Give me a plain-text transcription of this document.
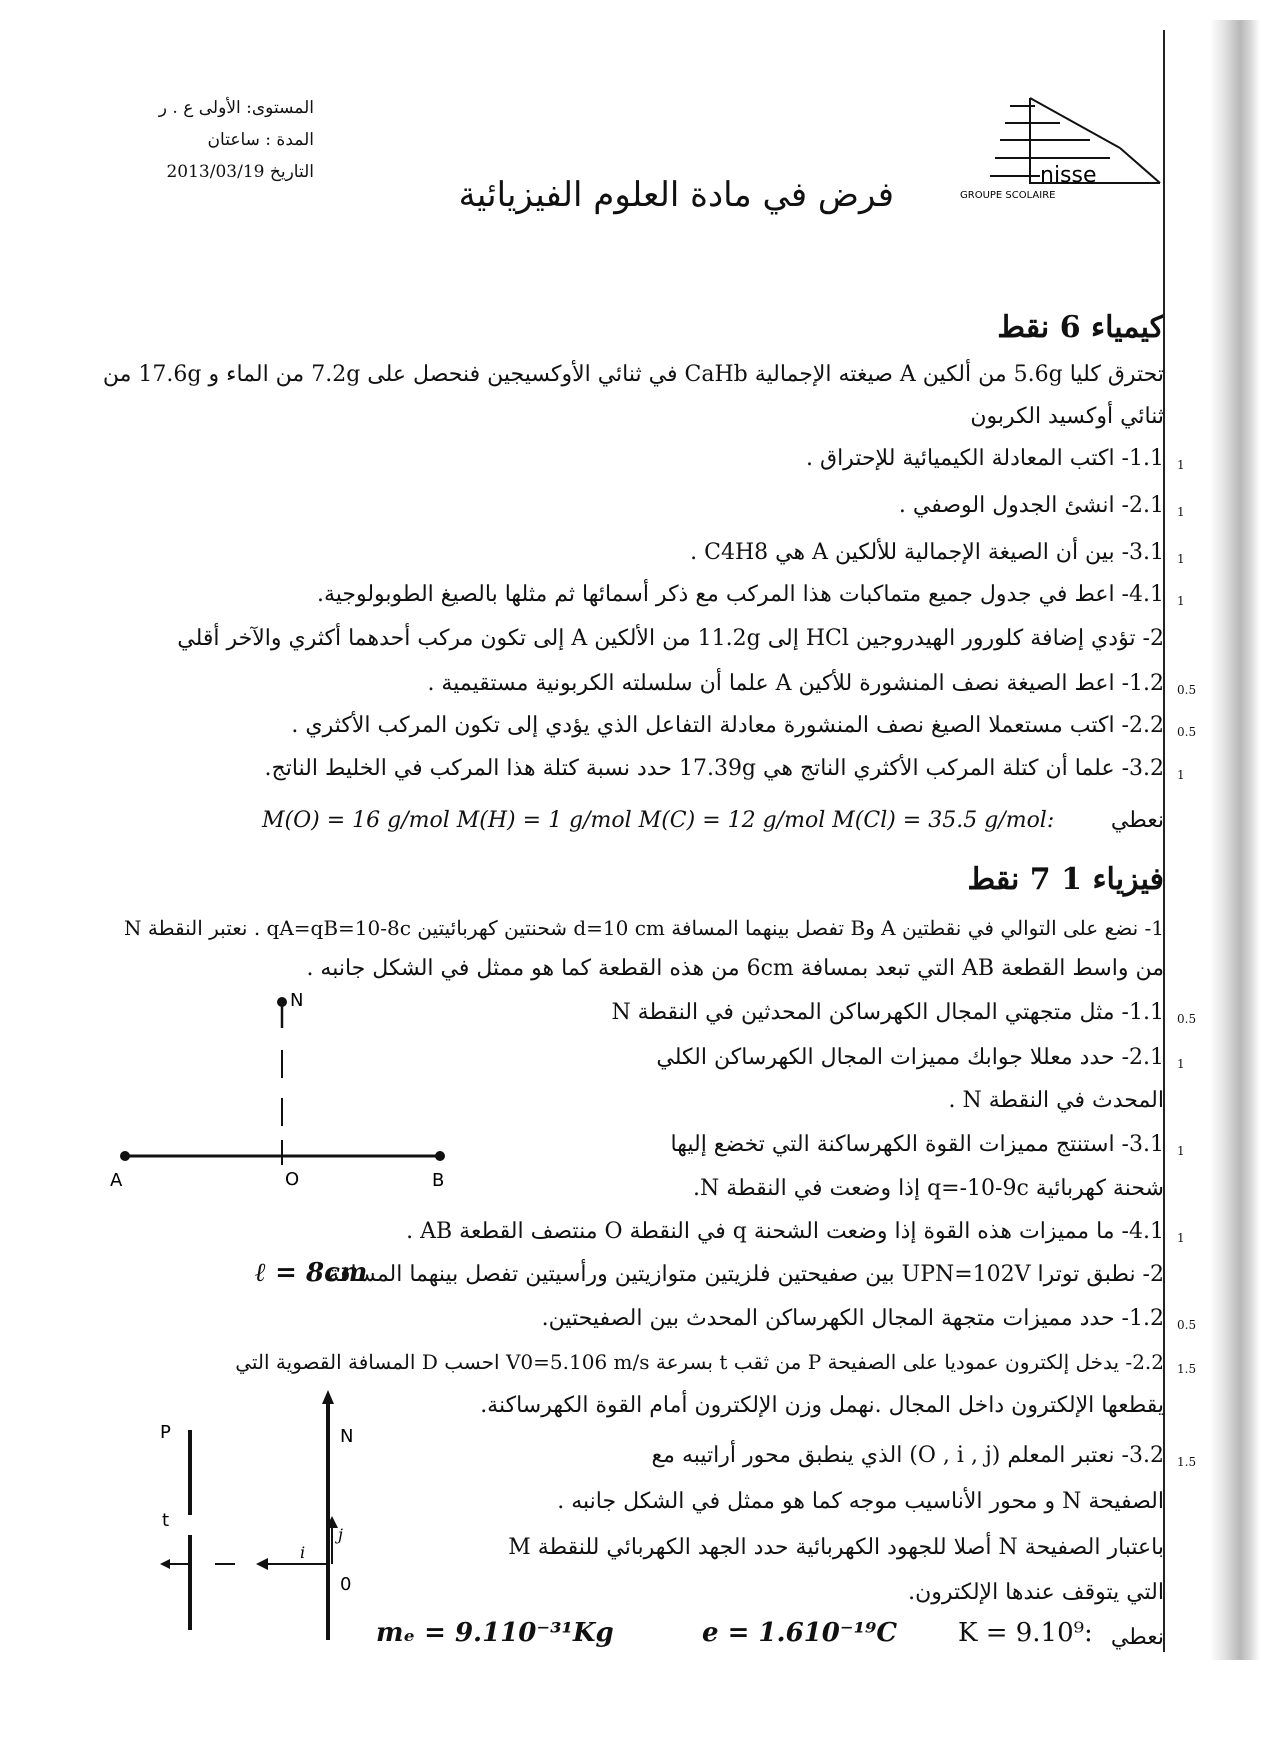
المستوى: الأولى ع . ر
المدة : ساعتان
التاريخ 2013/03/19
فرض في مادة العلوم الفيزيائية	nisse
GROUPE SCOLAIRE
كيمياء 6 نقط
تحترق كليا 5.6g من ألكين A صيغته الإجمالية CaHb في ثنائي الأوكسيجين فنحصل على 7.2g من الماء و 17.6g من
ثنائي أوكسيد الكربون
1.1- اكتب المعادلة الكيميائية للإحتراق . 1
2.1- انشئ الجدول الوصفي . 1
3.1- بين أن الصيغة الإجمالية للألكين A هي C4H8 . 1
4.1- اعط في جدول جميع متماكبات هذا المركب مع ذكر أسمائها ثم مثلها بالصيغ الطوبولوجية. 1
2- تؤدي إضافة كلورور الهيدروجين HCl إلى 11.2g من الألكين A إلى تكون مركب أحدهما أكثري والآخر أقلي
1.2- اعط الصيغة نصف المنشورة للأكين A علما أن سلسلته الكربونية مستقيمية . 0.5
2.2- اكتب مستعملا الصيغ نصف المنشورة معادلة التفاعل الذي يؤدي إلى تكون المركب الأكثري . 0.5
3.2- علما أن كتلة المركب الأكثري الناتج هي 17.39g حدد نسبة كتلة هذا المركب في الخليط الناتج. 1
نعطي
M(O) = 16 g/mol M(H) = 1 g/mol M(C) = 12 g/mol M(Cl) = 35.5 g/mol:
فيزياء 1 7 نقط
1- نضع على التوالي في نقطتين A وB تفصل بينهما المسافة d=10 cm شحنتين كهربائيتين qA=qB=10-8c . نعتبر النقطة N
من واسط القطعة AB التي تبعد بمسافة 6cm من هذه القطعة كما هو ممثل في الشكل جانبه .
1.1- مثل متجهتي المجال الكهرساكن المحدثين في النقطة N 0.5
2.1- حدد معللا جوابك مميزات المجال الكهرساكن الكلي 1
المحدث في النقطة N .
3.1- استنتج مميزات القوة الكهرساكنة التي تخضع إليها 1
شحنة كهربائية q=-10-9c إذا وضعت في النقطة N.
4.1- ما مميزات هذه القوة إذا وضعت الشحنة q في النقطة O منتصف القطعة AB . 1
N
A	O	B
2- نطبق توترا UPN=102V بين صفيحتين فلزيتين متوازيتين ورأسيتين تفصل بينهما المسافة
ℓ = 8cm
1.2- حدد مميزات متجهة المجال الكهرساكن المحدث بين الصفيحتين. 0.5
2.2- يدخل إلكترون عموديا على الصفيحة P من ثقب t بسرعة V0=5.106 m/s احسب D المسافة القصوية التي 1.5
يقطعها الإلكترون داخل المجال .نهمل وزن الإلكترون أمام القوة الكهرساكنة.
3.2- نعتبر المعلم (O , i , j) الذي ينطبق محور أراتيبه مع 1.5
الصفيحة N و محور الأناسيب موجه كما هو ممثل في الشكل جانبه .
باعتبار الصفيحة N أصلا للجهود الكهربائية حدد الجهد الكهربائي للنقطة M
التي يتوقف عندها الإلكترون.
P
t
N
i
j
0
نعطي
K = 9.10⁹:
e = 1.610⁻¹⁹C
mₑ = 9.110⁻³¹Kg
